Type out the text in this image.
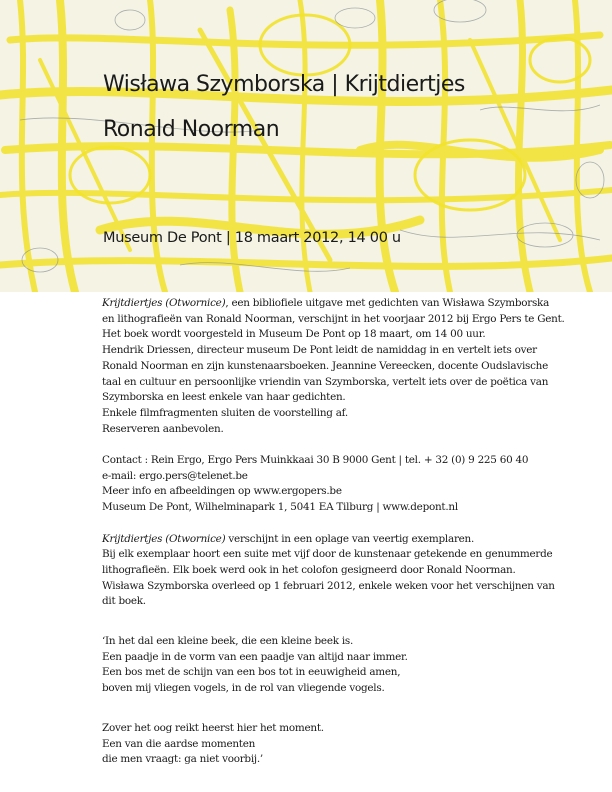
Wisława Szymborska | Krijtdiertjes
Ronald Noorman
Museum De Pont | 18 maart 2012, 14 00 u
Krijtdiertjes (Otwornice), een bibliofiele uitgave met gedichten van Wisława Szymborska
en lithografieën van Ronald Noorman, verschijnt in het voorjaar 2012 bij Ergo Pers te Gent.
Het boek wordt voorgesteld in Museum De Pont op 18 maart, om 14 00 uur.
Hendrik Driessen, directeur museum De Pont leidt de namiddag in en vertelt iets over
Ronald Noorman en zijn kunstenaarsboeken. Jeannine Vereecken, docente Oudslavische
taal en cultuur en persoonlijke vriendin van Szymborska, vertelt iets over de poëtica van
Szymborska en leest enkele van haar gedichten.
Enkele filmfragmenten sluiten de voorstelling af.
Reserveren aanbevolen.
Contact : Rein Ergo, Ergo Pers Muinkkaai 30 B 9000 Gent | tel. + 32 (0) 9 225 60 40
e-mail: ergo.pers@telenet.be
Meer info en afbeeldingen op www.ergopers.be
Museum De Pont, Wilhelminapark 1, 5041 EA Tilburg | www.depont.nl
Krijtdiertjes (Otwornice) verschijnt in een oplage van veertig exemplaren.
Bij elk exemplaar hoort een suite met vijf door de kunstenaar getekende en genummerde
lithografieën. Elk boek werd ook in het colofon gesigneerd door Ronald Noorman.
Wisława Szymborska overleed op 1 februari 2012, enkele weken voor het verschijnen van
dit boek.
‘In het dal een kleine beek, die een kleine beek is.
Een paadje in de vorm van een paadje van altijd naar immer.
Een bos met de schijn van een bos tot in eeuwigheid amen,
boven mij vliegen vogels, in de rol van vliegende vogels.
Zover het oog reikt heerst hier het moment.
Een van die aardse momenten
die men vraagt: ga niet voorbij.’
